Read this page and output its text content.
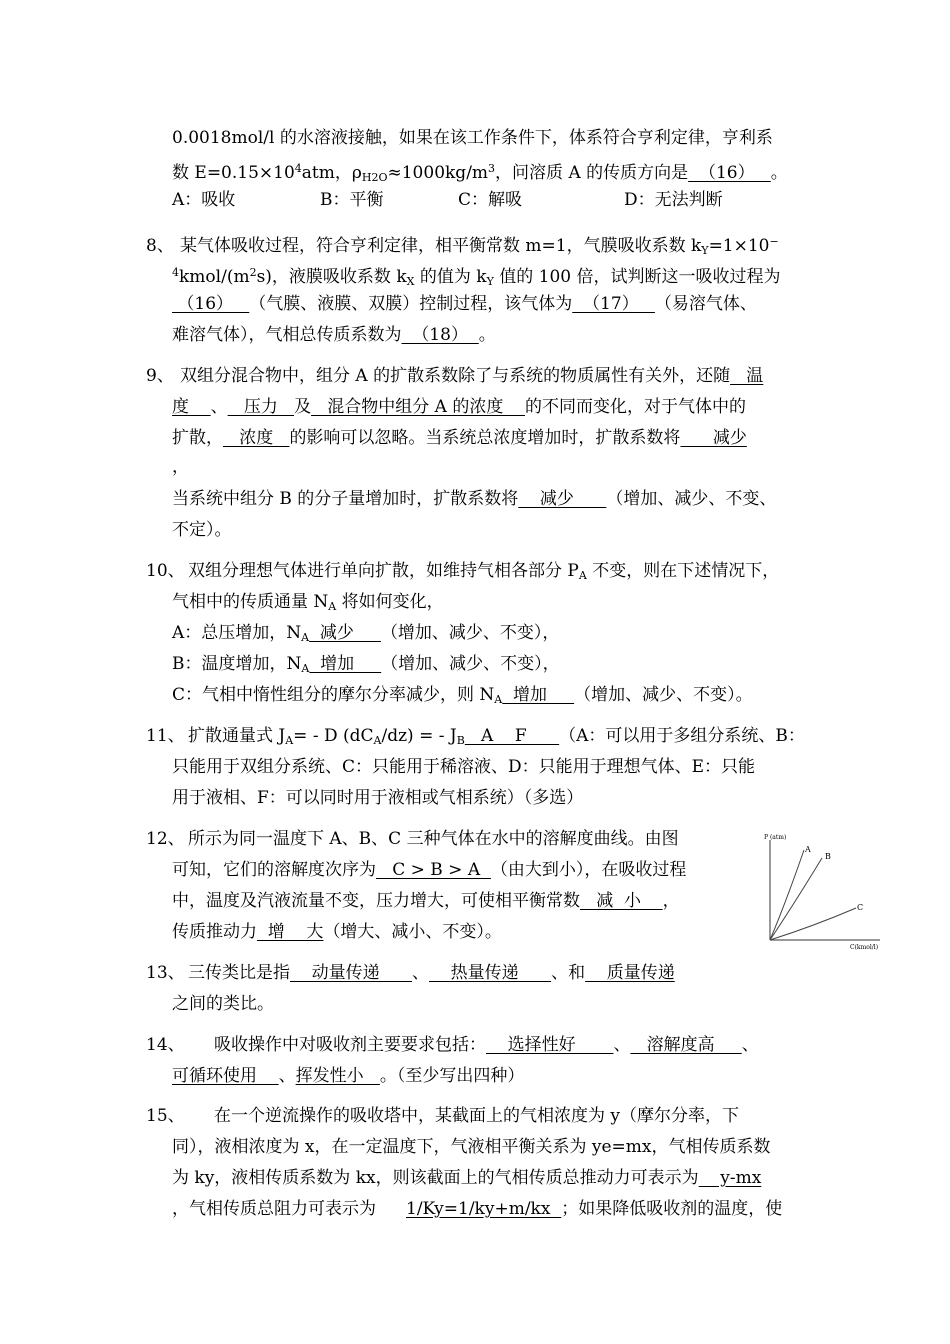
0.0018mol/l 的水溶液接触，如果在该工作条件下，体系符合亨利定律，亨利系
数 $E=0.15\times 10^4atm$，$\rho_{H2O}\approx 1000kg/m^3$，问溶质 A 的传质方向是  （16）   。
A：吸收	B：平衡	C：解吸	D：无法判断
8、 某气体吸收过程，符合亨利定律，相平衡常数 m=1，气膜吸收系数 $k_Y=1\times 10^-$
$^4kmol/(m^2s)$，液膜吸收系数 $k_X$ 的值为 $k_Y$ 值的 100 倍，试判断这一吸收过程为
（16）   （气膜、液膜、双膜）控制过程，该气体为  （17）   （易溶气体、
难溶气体），气相总传质系数为  （18）  。
9、 双组分混合物中，组分 A 的扩散系数除了与系统的物质属性有关外，还随   温
度    、   压力   及   混合物中组分 A 的浓度    的不同而变化，对于气体中的
扩散，   浓度   的影响可以忽略。当系统总浓度增加时，扩散系数将      减少
，
当系统中组分 B 的分子量增加时，扩散系数将    减少      （增加、减少、不变、
不定）。
10、 双组分理想气体进行单向扩散，如维持气相各部分 $P_A$ 不变，则在下述情况下，
气相中的传质通量 $N_A$ 将如何变化，
A：总压增加，$N_A$  减少     （增加、减少、不变），
B：温度增加，$N_A$  增加     （增加、减少、不变），
C：气相中惰性组分的摩尔分率减少，则 $N_A$  增加     （增加、减少、不变）。
11、 扩散通量式 $J_A= - D$ $(dC_A/dz)$ = - $J_B$   A    F      （A：可以用于多组分系统、B：
只能用于双组分系统、C：只能用于稀溶液、D：只能用于理想气体、E：只能
用于液相、F：可以同时用于液相或气相系统）（多选）
12、 所示为同一温度下 A、B、C 三种气体在水中的溶解度曲线。由图
可知，它们的溶解度次序为   C > B > A  （由大到小），在吸收过程
中，温度及汽液流量不变，压力增大，可使相平衡常数   减  小    ，
传质推动力  增    大（增大、减小、不变）。
P (atm)
C(kmol/l)
A
B
C
13、 三传类比是指    动量传递      、    热量传递      、和    质量传递
之间的类比。
14、 吸收操作中对吸收剂主要要求包括：    选择性好       、   溶解度高     、
可循环使用    、挥发性小   。（至少写出四种）
15、 在一个逆流操作的吸收塔中，某截面上的气相浓度为 y（摩尔分率，下
同），液相浓度为 x，在一定温度下，气液相平衡关系为 ye=mx，气相传质系数
为 ky，液相传质系数为 kx，则该截面上的气相传质总推动力可表示为    y-mx
，气相传质总阻力可表示为 1/Ky=1/ky+m/kx  ；如果降低吸收剂的温度，使
